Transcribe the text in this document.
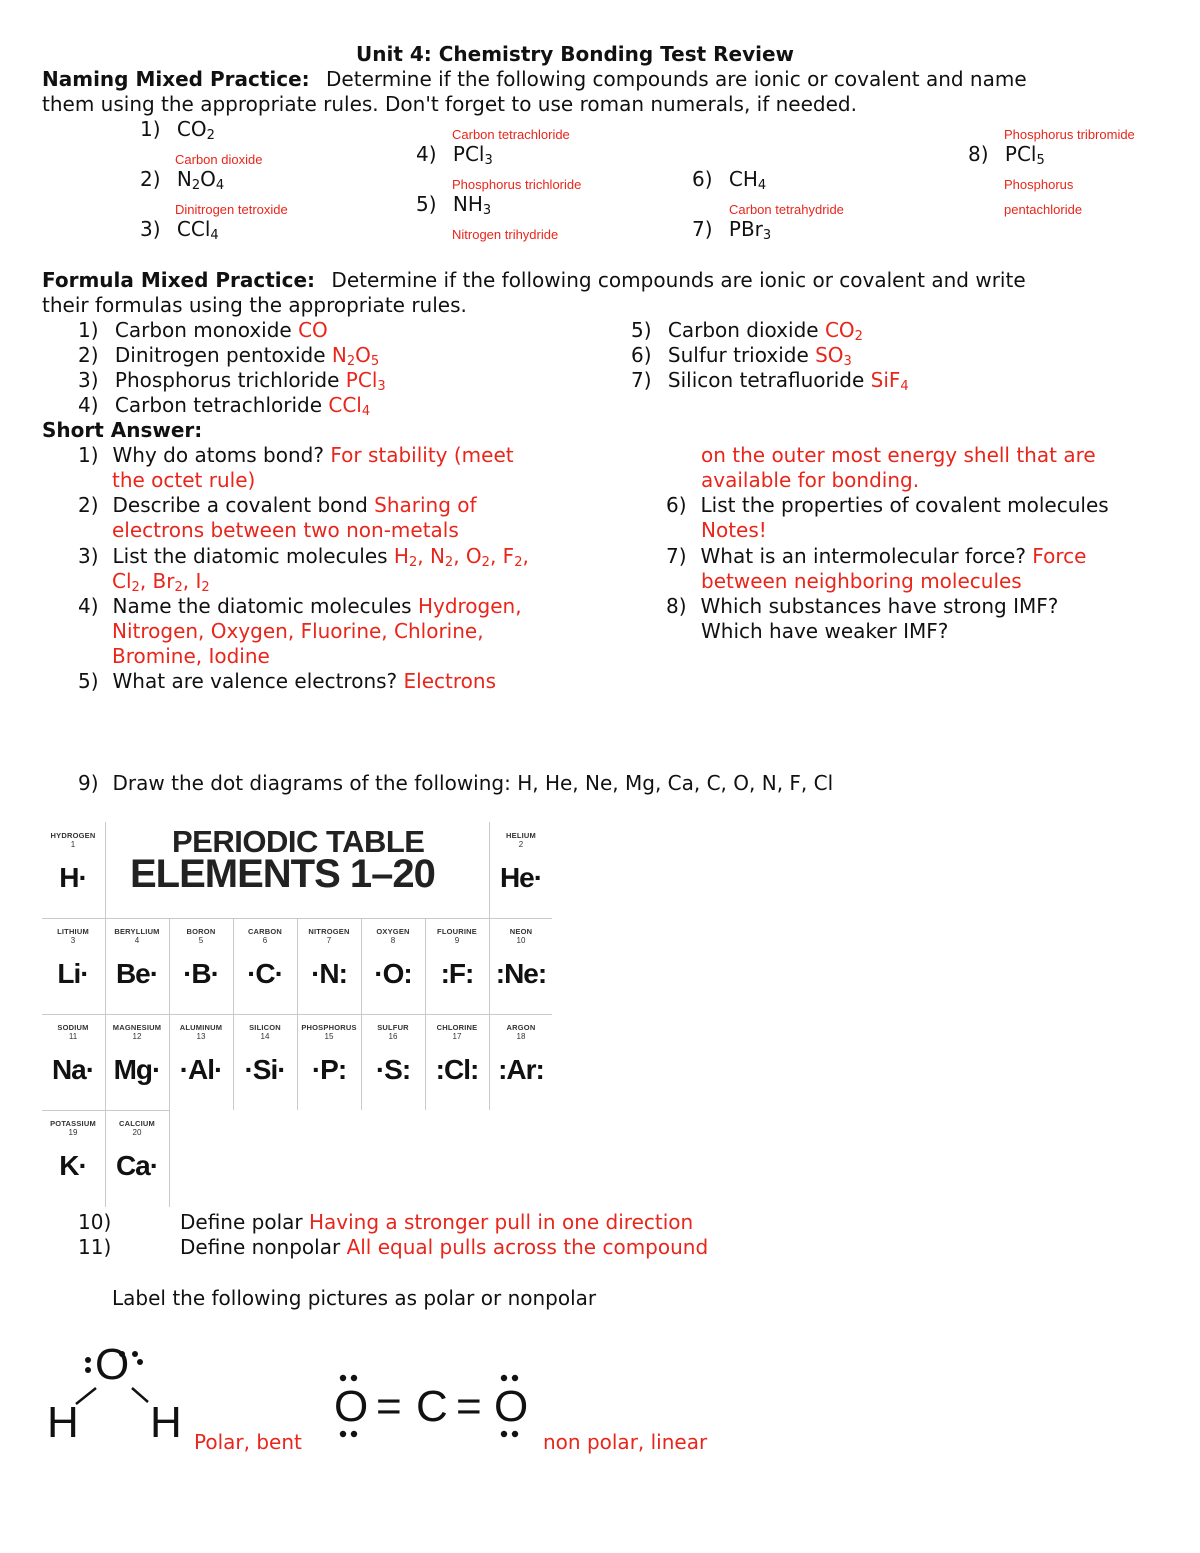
Unit 4: Chemistry Bonding Test Review
Naming Mixed Practice: Determine if the following compounds are ionic or covalent and name
them using the appropriate rules. Don't forget to use roman numerals, if needed.
1) $CO_2$
Carbon dioxide
2) $N_2O_4$
Dinitrogen tetroxide
3) CCl$_4$
Carbon tetrachloride
4) PCl$_3$
Phosphorus trichloride
5) $NH_3$
Nitrogen trihydride
6) $CH_4$
Carbon tetrahydride
7) PBr$_3$
Phosphorus tribromide
8) PCl$_5$
Phosphorus
pentachloride
Formula Mixed Practice: Determine if the following compounds are ionic or covalent and write
their formulas using the appropriate rules.
1) Carbon monoxide CO
2) Dinitrogen pentoxide $N_2O_5$
3) Phosphorus trichloride PCl$_3$
4) Carbon tetrachloride CCl$_4$
5) Carbon dioxide $CO_2$
6) Sulfur trioxide $SO_3$
7) Silicon tetrafluoride SiF$_4$
Short Answer:
1) Why do atoms bond? For stability (meet
the octet rule)
2) Describe a covalent bond Sharing of
electrons between two non-metals
3) List the diatomic molecules $H_2$, $N_2$, $O_2$, $F_2$,
$Cl_2$, $Br_2$, $I_2$
4) Name the diatomic molecules Hydrogen,
Nitrogen, Oxygen, Fluorine, Chlorine,
Bromine, Iodine
5) What are valence electrons? Electrons
on the outer most energy shell that are
available for bonding.
6) List the properties of covalent molecules
Notes!
7) What is an intermolecular force? Force
between neighboring molecules
8) Which substances have strong IMF?
Which have weaker IMF?
9) Draw the dot diagrams of the following: H, He, Ne, Mg, Ca, C, O, N, F, Cl
PERIODIC TABLE
ELEMENTS 1–20
HYDROGEN
1
H·
HELIUM
2
He·
LITHIUM
3
Li·
BERYLLIUM
4
Be·
BORON
5
·B·
CARBON
6
·C·
NITROGEN
7
·N:
OXYGEN
8
·O:
FLOURINE
9
:F:
NEON
10
:Ne:
SODIUM
11
Na·
MAGNESIUM
12
Mg·
ALUMINUM
13
·Al·
SILICON
14
·Si·
PHOSPHORUS
15
·P:
SULFUR
16
·S:
CHLORINE
17
:Cl:
ARGON
18
:Ar:
POTASSIUM
19
K·
CALCIUM
20
Ca·
10)	Define polar Having a stronger pull in one direction
11)	Define nonpolar All equal pulls across the compound
Label the following pictures as polar or nonpolar
O
H H Polar, bent
O = C = O
non polar, linear
